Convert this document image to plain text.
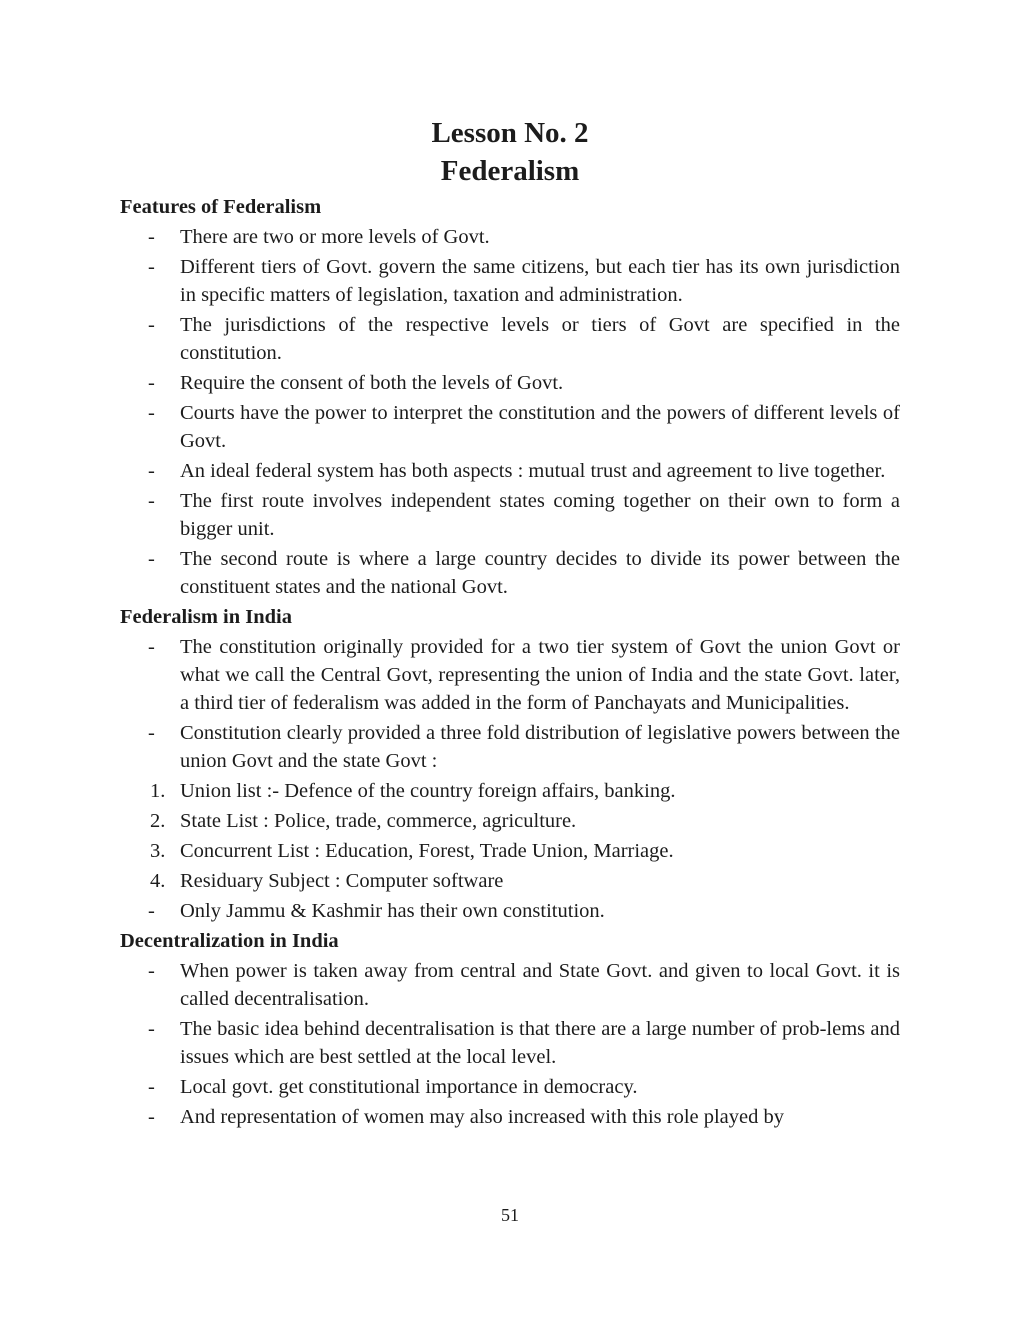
Lesson No. 2
Federalism
Features of Federalism
-	There are two or more levels of Govt.
-	Different tiers of Govt. govern the same citizens, but each tier has its own jurisdiction in specific matters of legislation, taxation and administration.
-	The jurisdictions of the respective levels or tiers of Govt are specified in the constitution.
-	Require the consent of both the levels of Govt.
-	Courts have the power to interpret the constitution and the powers of different levels of Govt.
-	An ideal federal system has both aspects : mutual trust and agreement to live together.
-	The first route involves independent states coming together on their own to form a bigger unit.
-	The second route is where a large country decides to divide its power between the constituent states and the national Govt.
Federalism in India
-	The constitution originally provided for a two tier system of Govt the union Govt or what we call the Central Govt, representing the union of India and the state Govt. later, a third tier of federalism was added in the form of Panchayats and Municipalities.
-	Constitution clearly provided a three fold distribution of legislative powers between the union Govt and the state Govt :
1. Union list :- Defence of the country foreign affairs, banking.
2. State List : Police, trade, commerce, agriculture.
3. Concurrent List : Education, Forest, Trade Union, Marriage.
4. Residuary Subject : Computer software
-	Only Jammu & Kashmir has their own constitution.
Decentralization in India
-	When power is taken away from central and State Govt. and given to local Govt. it is called decentralisation.
-	The basic idea behind decentralisation is that there are a large number of prob-lems and issues which are best settled at the local level.
-	Local govt. get constitutional importance in democracy.
-	And representation of women may also increased with this role played by
51
